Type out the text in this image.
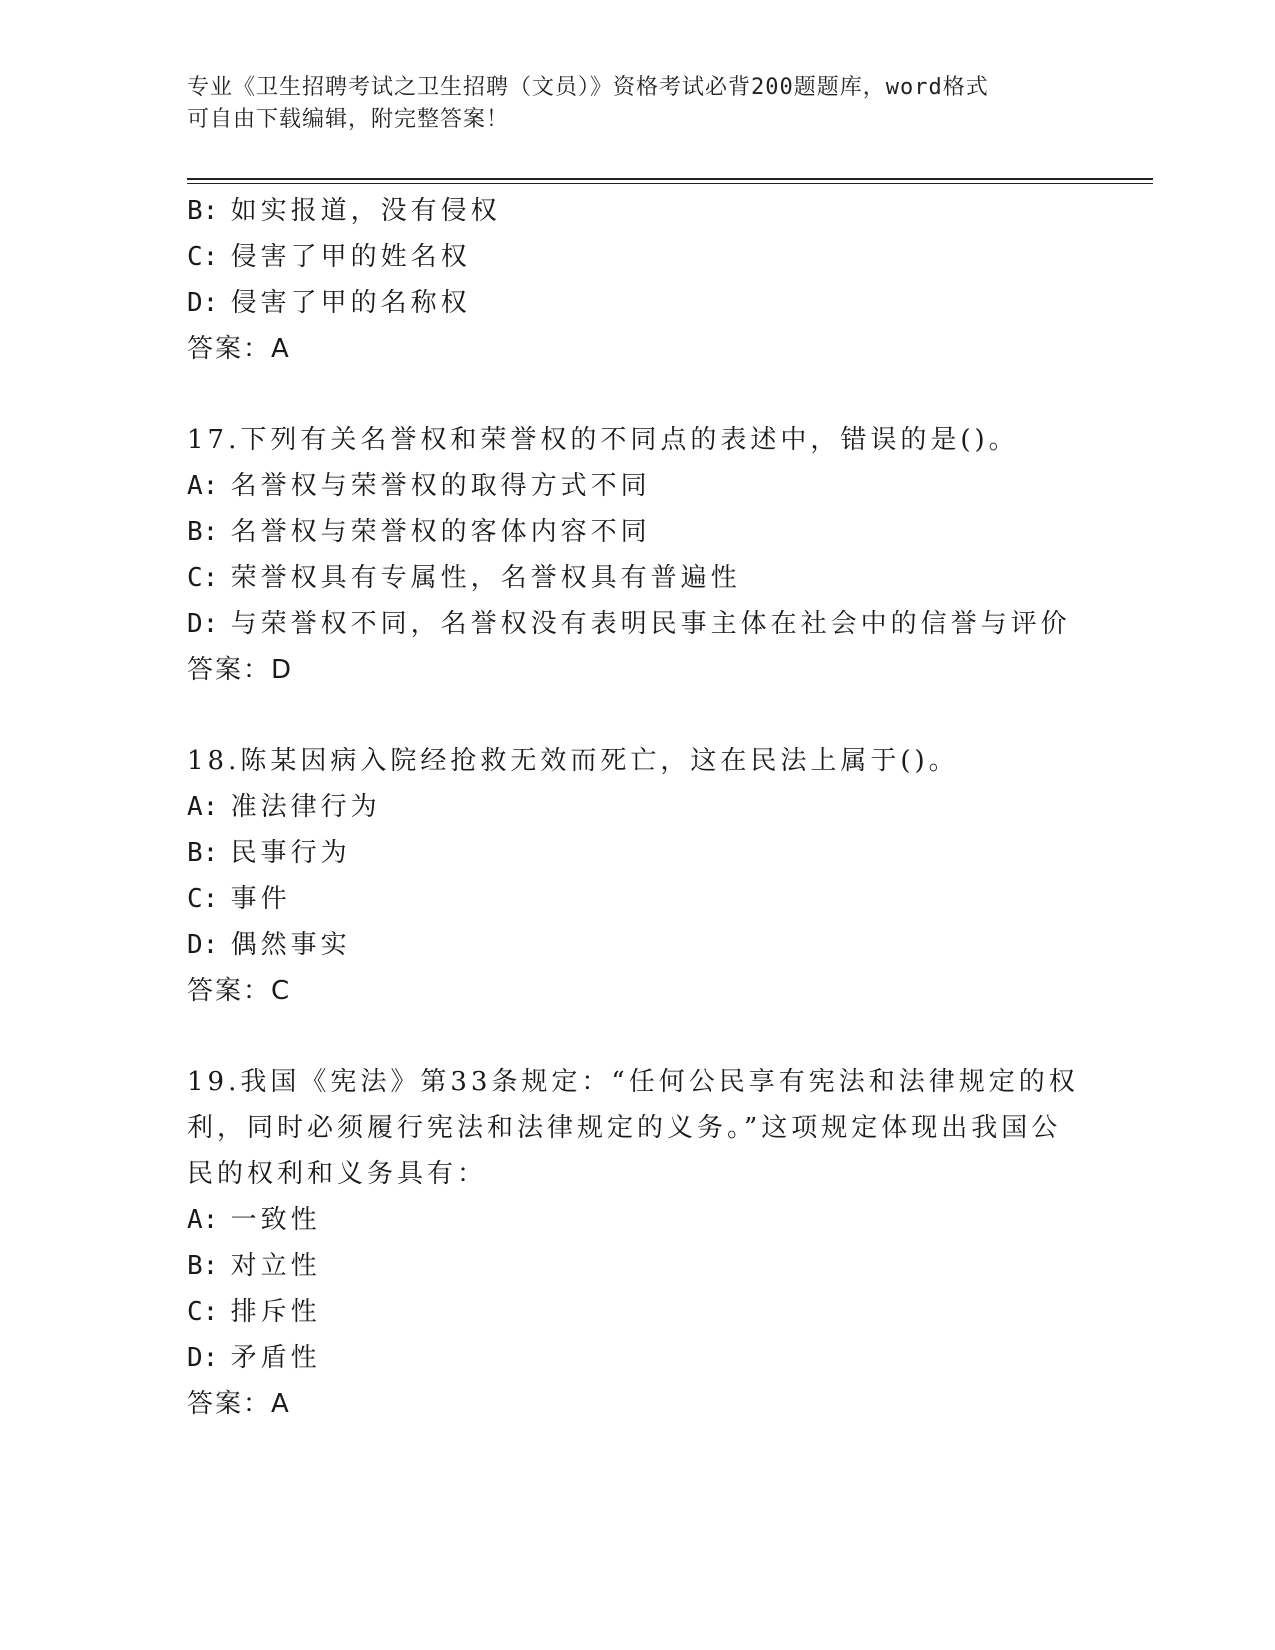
专业《卫生招聘考试之卫生招聘（文员）》资格考试必背200题题库，word格式
可自由下载编辑，附完整答案！
B: 如实报道，没有侵权
C: 侵害了甲的姓名权
D: 侵害了甲的名称权
答案：A
17.下列有关名誉权和荣誉权的不同点的表述中，错误的是()。
A: 名誉权与荣誉权的取得方式不同
B: 名誉权与荣誉权的客体内容不同
C: 荣誉权具有专属性，名誉权具有普遍性
D: 与荣誉权不同，名誉权没有表明民事主体在社会中的信誉与评价
答案：D
18.陈某因病入院经抢救无效而死亡，这在民法上属于()。
A: 准法律行为
B: 民事行为
C: 事件
D: 偶然事实
答案：C
19.我国《宪法》第33条规定：“任何公民享有宪法和法律规定的权
利，同时必须履行宪法和法律规定的义务。”这项规定体现出我国公
民的权利和义务具有：
A: 一致性
B: 对立性
C: 排斥性
D: 矛盾性
答案：A
